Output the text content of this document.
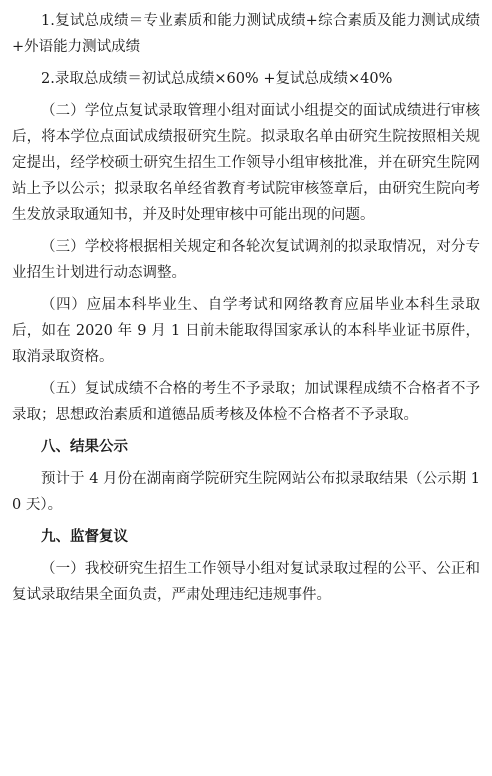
1.复试总成绩＝专业素质和能力测试成绩+综合素质及能力测试成绩+外语能力测试成绩

2.录取总成绩＝初试总成绩×60% +复试总成绩×40%

（二）学位点复试录取管理小组对面试小组提交的面试成绩进行审核后，将本学位点面试成绩报研究生院。拟录取名单由研究生院按照相关规定提出，经学校硕士研究生招生工作领导小组审核批准，并在研究生院网站上予以公示；拟录取名单经省教育考试院审核签章后，由研究生院向考生发放录取通知书，并及时处理审核中可能出现的问题。

（三）学校将根据相关规定和各轮次复试调剂的拟录取情况，对分专业招生计划进行动态调整。

（四）应届本科毕业生、自学考试和网络教育应届毕业本科生录取后，如在 2020 年 9 月 1 日前未能取得国家承认的本科毕业证书原件，取消录取资格。

（五）复试成绩不合格的考生不予录取；加试课程成绩不合格者不予录取；思想政治素质和道德品质考核及体检不合格者不予录取。

八、结果公示

预计于 4 月份在湖南商学院研究生院网站公布拟录取结果（公示期 10 天）。

九、监督复议

（一）我校研究生招生工作领导小组对复试录取过程的公平、公正和复试录取结果全面负责，严肃处理违纪违规事件。
